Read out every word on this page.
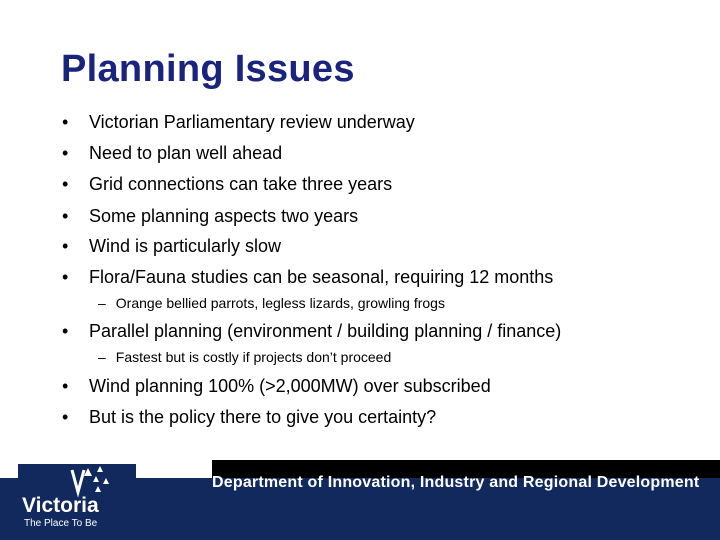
Planning Issues
• Victorian Parliamentary review underway
• Need to plan well ahead
• Grid connections can take three years
• Some planning aspects two years
• Wind is particularly slow
• Flora/Fauna studies can be seasonal, requiring 12 months
– Orange bellied parrots, legless lizards, growling frogs
• Parallel planning (environment / building planning / finance)
– Fastest but is costly if projects don’t proceed
• Wind planning 100% (>2,000MW) over subscribed
• But is the policy there to give you certainty?
Victoria
The Place To Be
Department of Innovation, Industry and Regional Development
